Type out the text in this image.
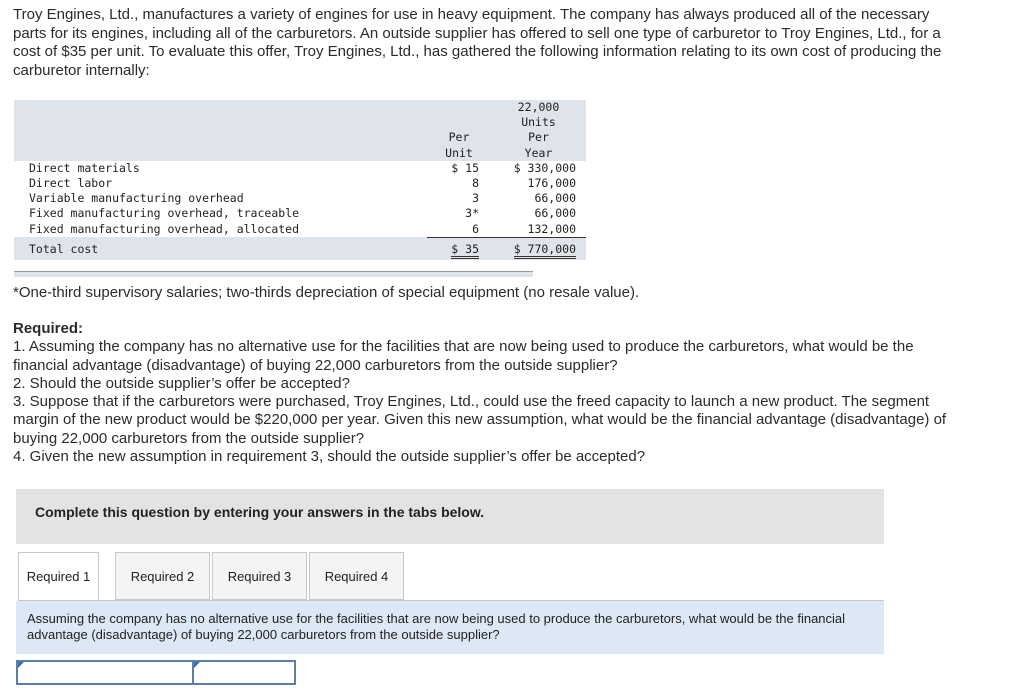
Troy Engines, Ltd., manufactures a variety of engines for use in heavy equipment. The company has always produced all of the necessary parts for its engines, including all of the carburetors. An outside supplier has offered to sell one type of carburetor to Troy Engines, Ltd., for a cost of $35 per unit. To evaluate this offer, Troy Engines, Ltd., has gathered the following information relating to its own cost of producing the carburetor internally:

		22,000
		Units
	Per	Per
	Unit	Year
Direct materials	$ 15	$ 330,000
Direct labor	8	176,000
Variable manufacturing overhead	3	66,000
Fixed manufacturing overhead, traceable	3*	66,000
Fixed manufacturing overhead, allocated	6	132,000
Total cost	$ 35	$ 770,000

*One-third supervisory salaries; two-thirds depreciation of special equipment (no resale value).

Required:
1. Assuming the company has no alternative use for the facilities that are now being used to produce the carburetors, what would be the financial advantage (disadvantage) of buying 22,000 carburetors from the outside supplier?
2. Should the outside supplier’s offer be accepted?
3. Suppose that if the carburetors were purchased, Troy Engines, Ltd., could use the freed capacity to launch a new product. The segment margin of the new product would be $220,000 per year. Given this new assumption, what would be the financial advantage (disadvantage) of buying 22,000 carburetors from the outside supplier?
4. Given the new assumption in requirement 3, should the outside supplier’s offer be accepted?
Complete this question by entering your answers in the tabs below.
Required 1	Required 2	Required 3	Required 4
Assuming the company has no alternative use for the facilities that are now being used to produce the carburetors, what would be the financial advantage (disadvantage) of buying 22,000 carburetors from the outside supplier?
